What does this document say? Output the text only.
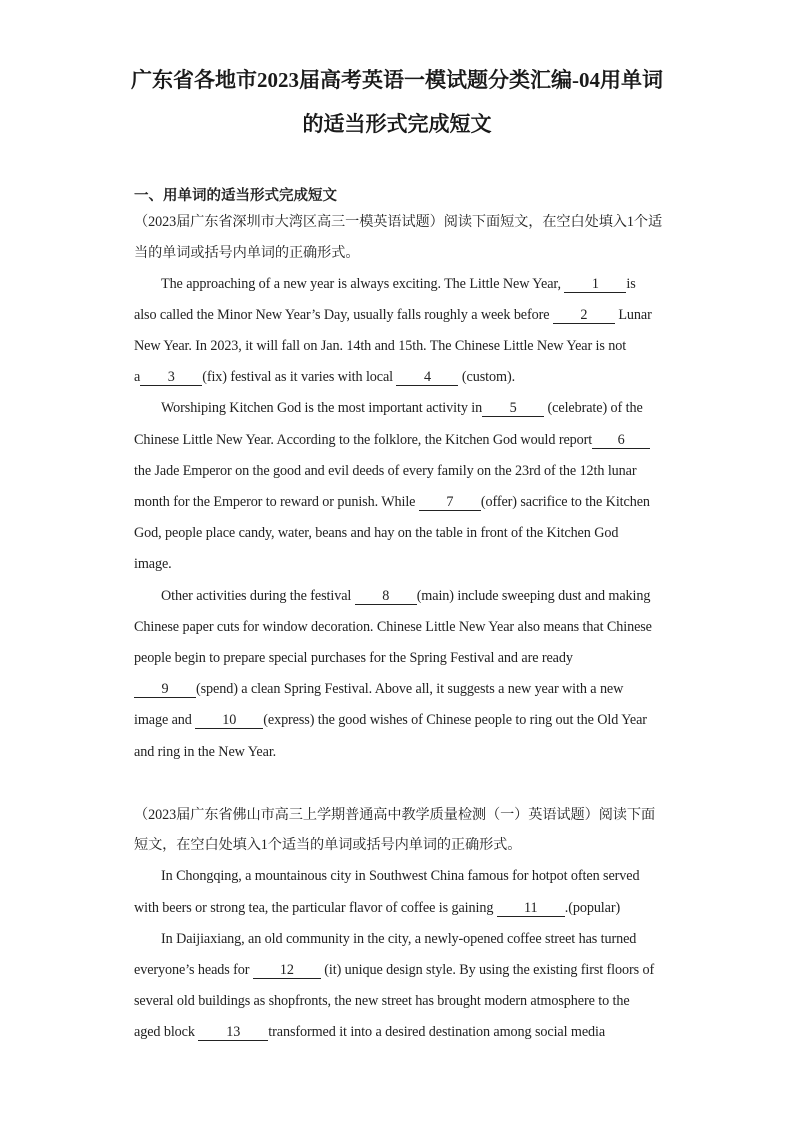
广东省各地市2023届高考英语一模试题分类汇编-04用单词
的适当形式完成短文
一、用单词的适当形式完成短文
（2023届广东省深圳市大湾区高三一模英语试题）阅读下面短文，在空白处填入1个适
当的单词或括号内单词的正确形式。
The approaching of a new year is always exciting. The Little New Year, 1 is
also called the Minor New Year’s Day, usually falls roughly a week before 2 Lunar
New Year. In 2023, it will fall on Jan. 14th and 15th. The Chinese Little New Year is not
a 3 (fix) festival as it varies with local 4 (custom).
Worshiping Kitchen God is the most important activity in 5 (celebrate) of the
Chinese Little New Year. According to the folklore, the Kitchen God would report 6
the Jade Emperor on the good and evil deeds of every family on the 23rd of the 12th lunar
month for the Emperor to reward or punish. While 7 (offer) sacrifice to the Kitchen
God, people place candy, water, beans and hay on the table in front of the Kitchen God
image.
Other activities during the festival 8 (main) include sweeping dust and making
Chinese paper cuts for window decoration. Chinese Little New Year also means that Chinese
people begin to prepare special purchases for the Spring Festival and are ready
9 (spend) a clean Spring Festival. Above all, it suggests a new year with a new
image and 10 (express) the good wishes of Chinese people to ring out the Old Year
and ring in the New Year.
（2023届广东省佛山市高三上学期普通高中教学质量检测（一）英语试题）阅读下面
短文，在空白处填入1个适当的单词或括号内单词的正确形式。
In Chongqing, a mountainous city in Southwest China famous for hotpot often served
with beers or strong tea, the particular flavor of coffee is gaining 11 .(popular)
In Daijiaxiang, an old community in the city, a newly-opened coffee street has turned
everyone’s heads for 12 (it) unique design style. By using the existing first floors of
several old buildings as shopfronts, the new street has brought modern atmosphere to the
aged block 13 transformed it into a desired destination among social media
